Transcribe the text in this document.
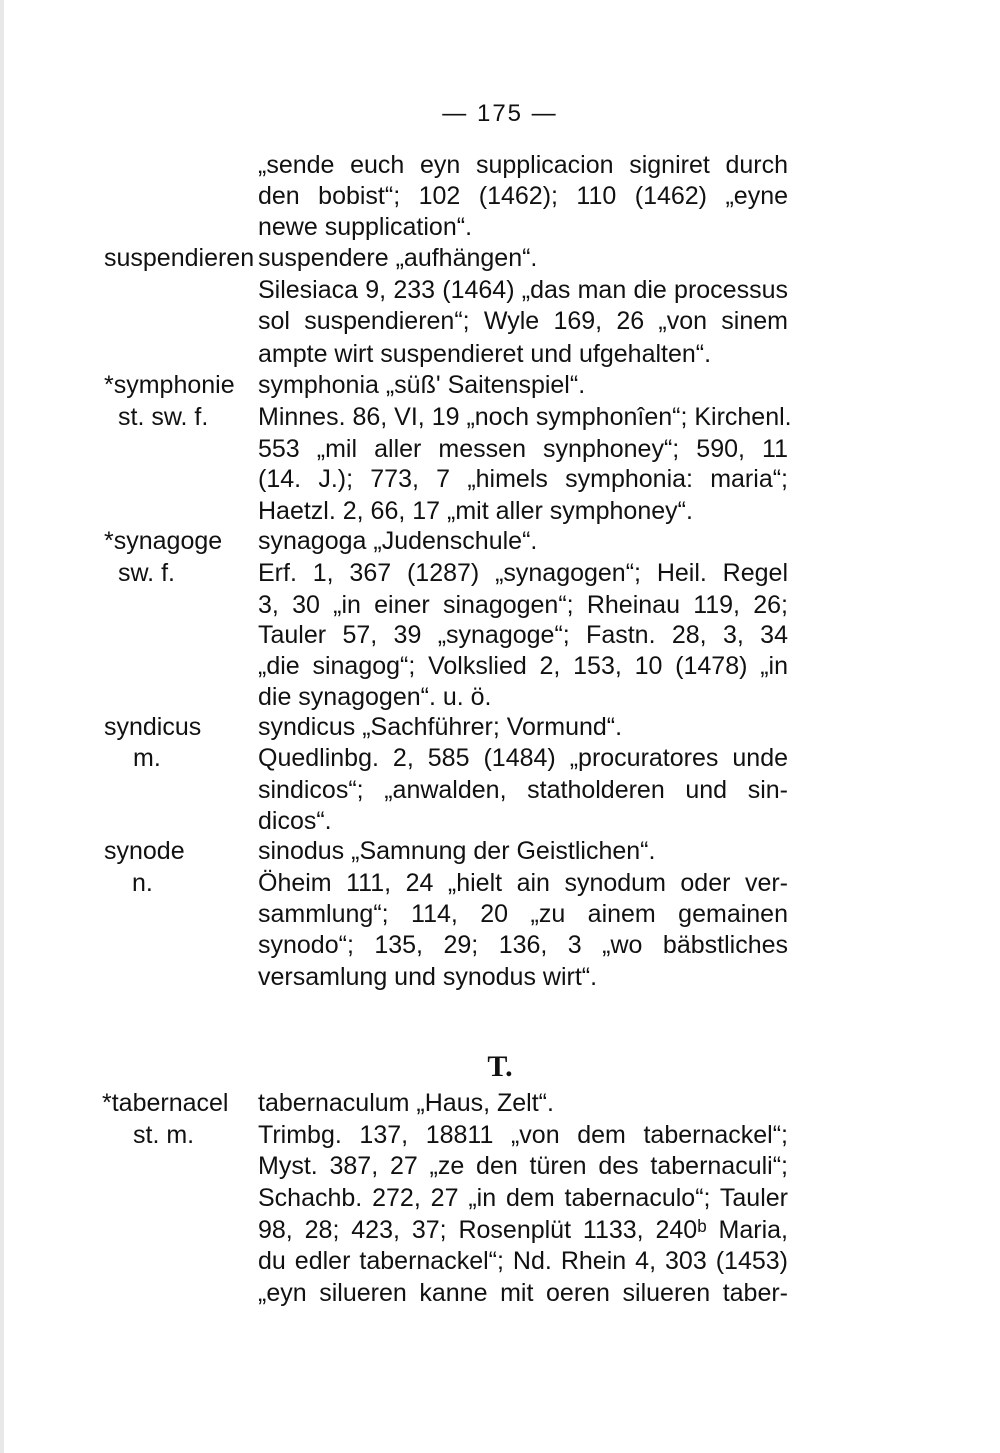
— 175 —
suspendieren
*symphonie
st. sw. f.
*synagoge
sw. f.
syndicus
m.
synode
n.
*tabernacel
st. m.
„sende euch eyn supplicacion signiret durch
den bobist“; 102 (1462); 110 (1462) „eyne
newe supplication“.
suspendere „aufhängen“.
Silesiaca 9, 233 (1464) „das man die processus
sol suspendieren“; Wyle 169, 26 „von sinem
ampte wirt suspendieret und ufgehalten“.
symphonia „süß' Saitenspiel“.
Minnes. 86, VI, 19 „noch symphonîen“; Kirchenl.
553 „mil aller messen synphoney“; 590, 11
(14. J.); 773, 7 „himels symphonia: maria“;
Haetzl. 2, 66, 17 „mit aller symphoney“.
synagoga „Judenschule“.
Erf. 1, 367 (1287) „synagogen“; Heil. Regel
3, 30 „in einer sinagogen“; Rheinau 119, 26;
Tauler 57, 39 „synagoge“; Fastn. 28, 3, 34
„die sinagog“; Volkslied 2, 153, 10 (1478) „in
die synagogen“. u. ö.
syndicus „Sachführer; Vormund“.
Quedlinbg. 2, 585 (1484) „procuratores unde
sindicos“; „anwalden, statholderen und sin-
dicos“.
sinodus „Samnung der Geistlichen“.
Öheim 111, 24 „hielt ain synodum oder ver-
sammlung“; 114, 20 „zu ainem gemainen
synodo“; 135, 29; 136, 3 „wo bäbstliches
versamlung und synodus wirt“.
T.
tabernaculum „Haus, Zelt“.
Trimbg. 137, 18811 „von dem tabernackel“;
Myst. 387, 27 „ze den türen des tabernaculi“;
Schachb. 272, 27 „in dem tabernaculo“; Tauler
98, 28; 423, 37; Rosenplüt 1133, 240ᵇ Maria,
du edler tabernackel“; Nd. Rhein 4, 303 (1453)
„eyn silueren kanne mit oeren silueren taber-
